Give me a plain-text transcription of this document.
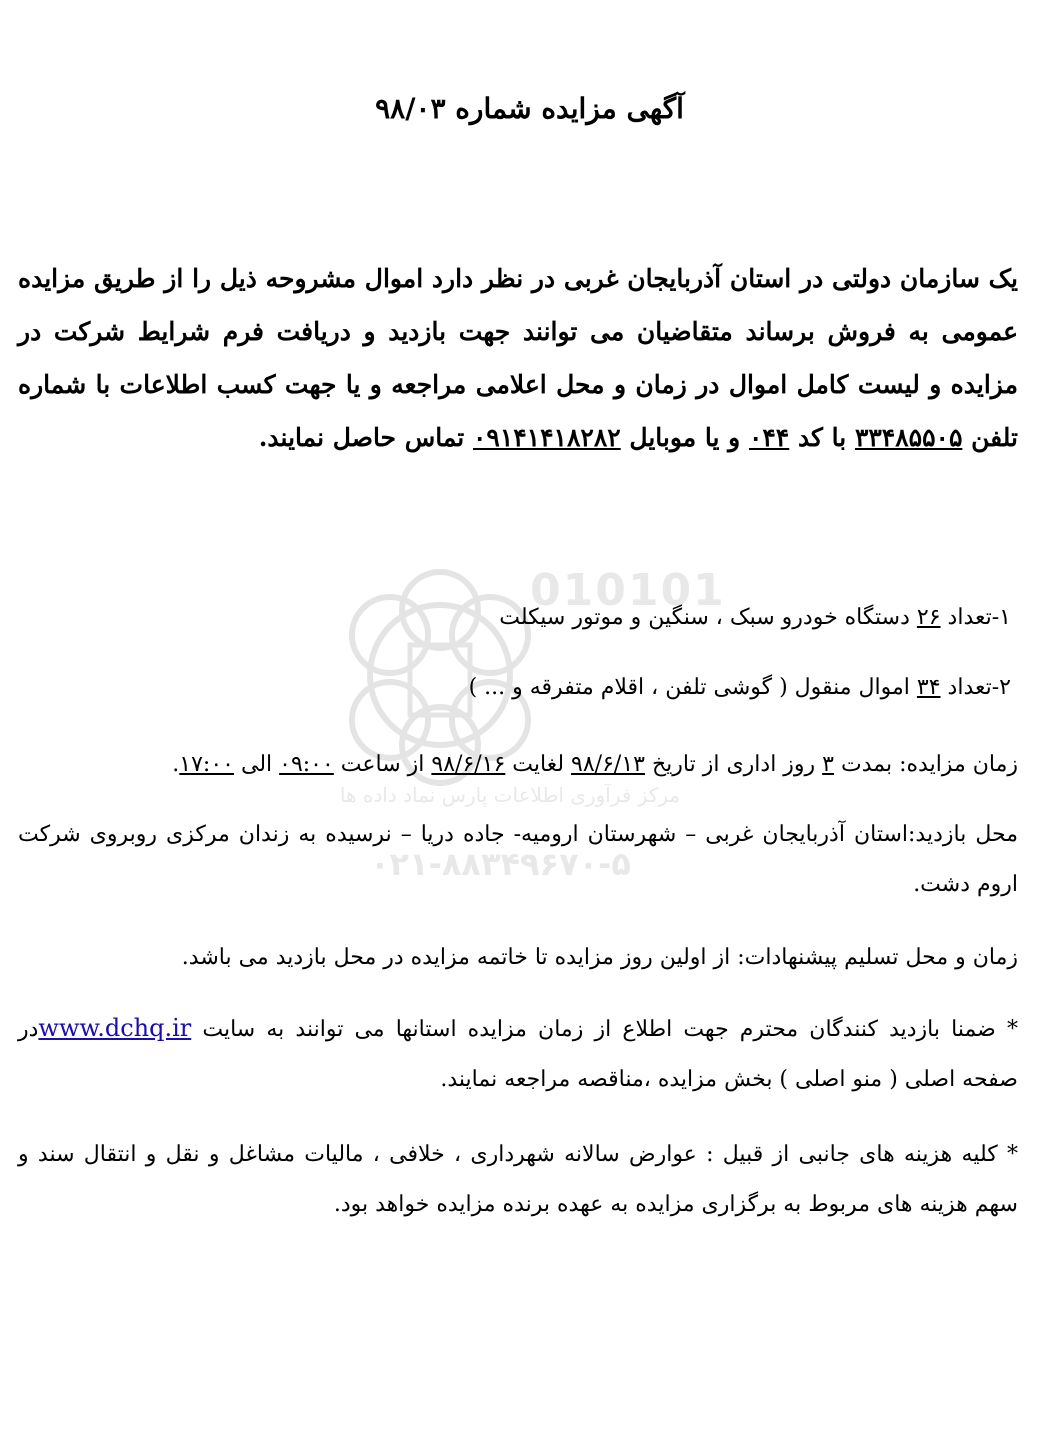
010101
مرکز فرآوری اطلاعات پارس نماد داده ها
۰۲۱-۸۸۳۴۹۶۷۰-۵
آگهی مزایده شماره ۹۸/۰۳
یک سازمان دولتی در استان آذربایجان غربی در نظر دارد اموال مشروحه ذیل را از طریق مزایده عمومی به فروش برساند متقاضیان می توانند جهت بازدید و دریافت فرم شرایط شرکت در مزایده و لیست کامل اموال در زمان و محل اعلامی مراجعه و یا جهت کسب اطلاعات با شماره تلفن ۳۳۴۸۵۵۰۵ با کد ۰۴۴ و یا موبایل ۰۹۱۴۱۴۱۸۲۸۲ تماس حاصل نمایند.
۱-تعداد ۲۶ دستگاه خودرو سبک ، سنگین و موتور سیکلت
۲-تعداد ۳۴ اموال منقول ( گوشی تلفن ، اقلام متفرقه و ... )
زمان مزایده: بمدت ۳ روز اداری از تاریخ ۹۸/۶/۱۳ لغایت ۹۸/۶/۱۶ از ساعت ۰۹:۰۰ الی ۱۷:۰۰.
محل بازدید:استان آذربایجان غربی – شهرستان ارومیه- جاده دریا – نرسیده به زندان مرکزی روبروی شرکت اروم دشت.
زمان و محل تسلیم پیشنهادات: از اولین روز مزایده تا خاتمه مزایده در محل بازدید می باشد.
* ضمنا بازدید کنندگان محترم جهت اطلاع از زمان مزایده استانها می توانند به سایت www.dchq.irدر صفحه اصلی ( منو اصلی ) بخش مزایده ،مناقصه مراجعه نمایند.
* کلیه هزینه های جانبی از قبیل : عوارض سالانه شهرداری ، خلافی ، مالیات مشاغل و نقل و انتقال سند و سهم هزینه های مربوط به برگزاری مزایده به عهده برنده مزایده خواهد بود.
